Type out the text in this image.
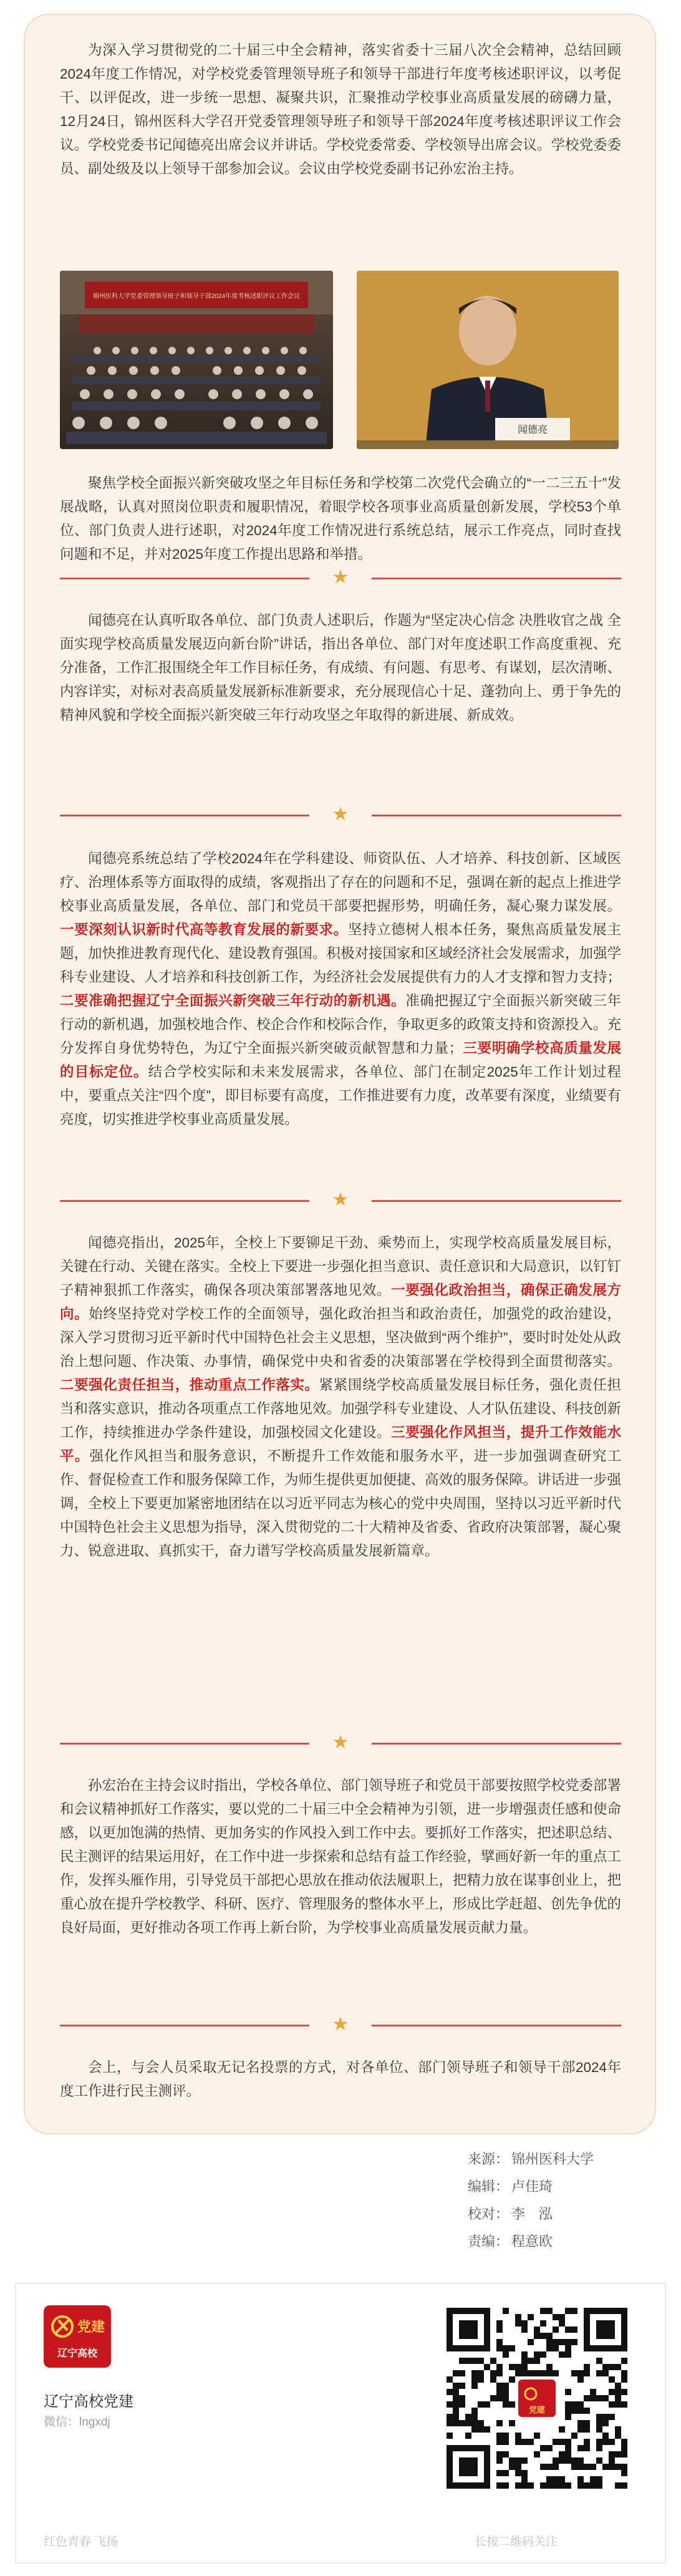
为深入学习贯彻党的二十届三中全会精神，落实省委十三届八次全会精神，总结回顾2024年度工作情况，对学校党委管理领导班子和领导干部进行年度考核述职评议，以考促干、以评促改，进一步统一思想、凝聚共识，汇聚推动学校事业高质量发展的磅礴力量，12月24日，锦州医科大学召开党委管理领导班子和领导干部2024年度考核述职评议工作会议。学校党委书记闻德亮出席会议并讲话。学校党委常委、学校领导出席会议。学校党委委员、副处级及以上领导干部参加会议。会议由学校党委副书记孙宏治主持。

锦州医科大学党委管理领导班子和领导干部2024年度考核述职评议工作会议
闻德亮

聚焦学校全面振兴新突破攻坚之年目标任务和学校第二次党代会确立的“一二三五十”发展战略，认真对照岗位职责和履职情况，着眼学校各项事业高质量创新发展，学校53个单位、部门负责人进行述职，对2024年度工作情况进行系统总结，展示工作亮点，同时查找问题和不足，并对2025年度工作提出思路和举措。

★

闻德亮在认真听取各单位、部门负责人述职后，作题为“坚定决心信念 决胜收官之战 全面实现学校高质量发展迈向新台阶”讲话，指出各单位、部门对年度述职工作高度重视、充分准备，工作汇报围绕全年工作目标任务，有成绩、有问题、有思考、有谋划，层次清晰、内容详实，对标对表高质量发展新标准新要求，充分展现信心十足、蓬勃向上、勇于争先的精神风貌和学校全面振兴新突破三年行动攻坚之年取得的新进展、新成效。

★

闻德亮系统总结了学校2024年在学科建设、师资队伍、人才培养、科技创新、区域医疗、治理体系等方面取得的成绩，客观指出了存在的问题和不足，强调在新的起点上推进学校事业高质量发展，各单位、部门和党员干部要把握形势，明确任务，凝心聚力谋发展。一要深刻认识新时代高等教育发展的新要求。坚持立德树人根本任务，聚焦高质量发展主题，加快推进教育现代化、建设教育强国。积极对接国家和区域经济社会发展需求，加强学科专业建设、人才培养和科技创新工作，为经济社会发展提供有力的人才支撑和智力支持；二要准确把握辽宁全面振兴新突破三年行动的新机遇。准确把握辽宁全面振兴新突破三年行动的新机遇，加强校地合作、校企合作和校际合作，争取更多的政策支持和资源投入。充分发挥自身优势特色，为辽宁全面振兴新突破贡献智慧和力量；三要明确学校高质量发展的目标定位。结合学校实际和未来发展需求，各单位、部门在制定2025年工作计划过程中，要重点关注“四个度”，即目标要有高度，工作推进要有力度，改革要有深度，业绩要有亮度，切实推进学校事业高质量发展。

★

闻德亮指出，2025年，全校上下要铆足干劲、乘势而上，实现学校高质量发展目标，关键在行动、关键在落实。全校上下要进一步强化担当意识、责任意识和大局意识，以钉钉子精神狠抓工作落实，确保各项决策部署落地见效。一要强化政治担当，确保正确发展方向。始终坚持党对学校工作的全面领导，强化政治担当和政治责任，加强党的政治建设，深入学习贯彻习近平新时代中国特色社会主义思想，坚决做到“两个维护”，要时时处处从政治上想问题、作决策、办事情，确保党中央和省委的决策部署在学校得到全面贯彻落实。二要强化责任担当，推动重点工作落实。紧紧围绕学校高质量发展目标任务，强化责任担当和落实意识，推动各项重点工作落地见效。加强学科专业建设、人才队伍建设、科技创新工作，持续推进办学条件建设，加强校园文化建设。三要强化作风担当，提升工作效能水平。强化作风担当和服务意识，不断提升工作效能和服务水平，进一步加强调查研究工作、督促检查工作和服务保障工作，为师生提供更加便捷、高效的服务保障。讲话进一步强调，全校上下要更加紧密地团结在以习近平同志为核心的党中央周围，坚持以习近平新时代中国特色社会主义思想为指导，深入贯彻党的二十大精神及省委、省政府决策部署，凝心聚力、锐意进取、真抓实干，奋力谱写学校高质量发展新篇章。

★

孙宏治在主持会议时指出，学校各单位、部门领导班子和党员干部要按照学校党委部署和会议精神抓好工作落实，要以党的二十届三中全会精神为引领，进一步增强责任感和使命感，以更加饱满的热情、更加务实的作风投入到工作中去。要抓好工作落实，把述职总结、民主测评的结果运用好，在工作中进一步探索和总结有益工作经验，擘画好新一年的重点工作，发挥头雁作用，引导党员干部把心思放在推动依法履职上，把精力放在谋事创业上，把重心放在提升学校教学、科研、医疗、管理服务的整体水平上，形成比学赶超、创先争优的良好局面，更好推动各项工作再上新台阶，为学校事业高质量发展贡献力量。

★

会上，与会人员采取无记名投票的方式，对各单位、部门领导班子和领导干部2024年度工作进行民主测评。

来源： 锦州医科大学
编辑： 卢佳琦
校对： 李　泓
责编： 程意欧
党建
辽宁高校
辽宁高校党建
微信：lngxdj
党建
红色青春 飞扬	长按二维码关注
